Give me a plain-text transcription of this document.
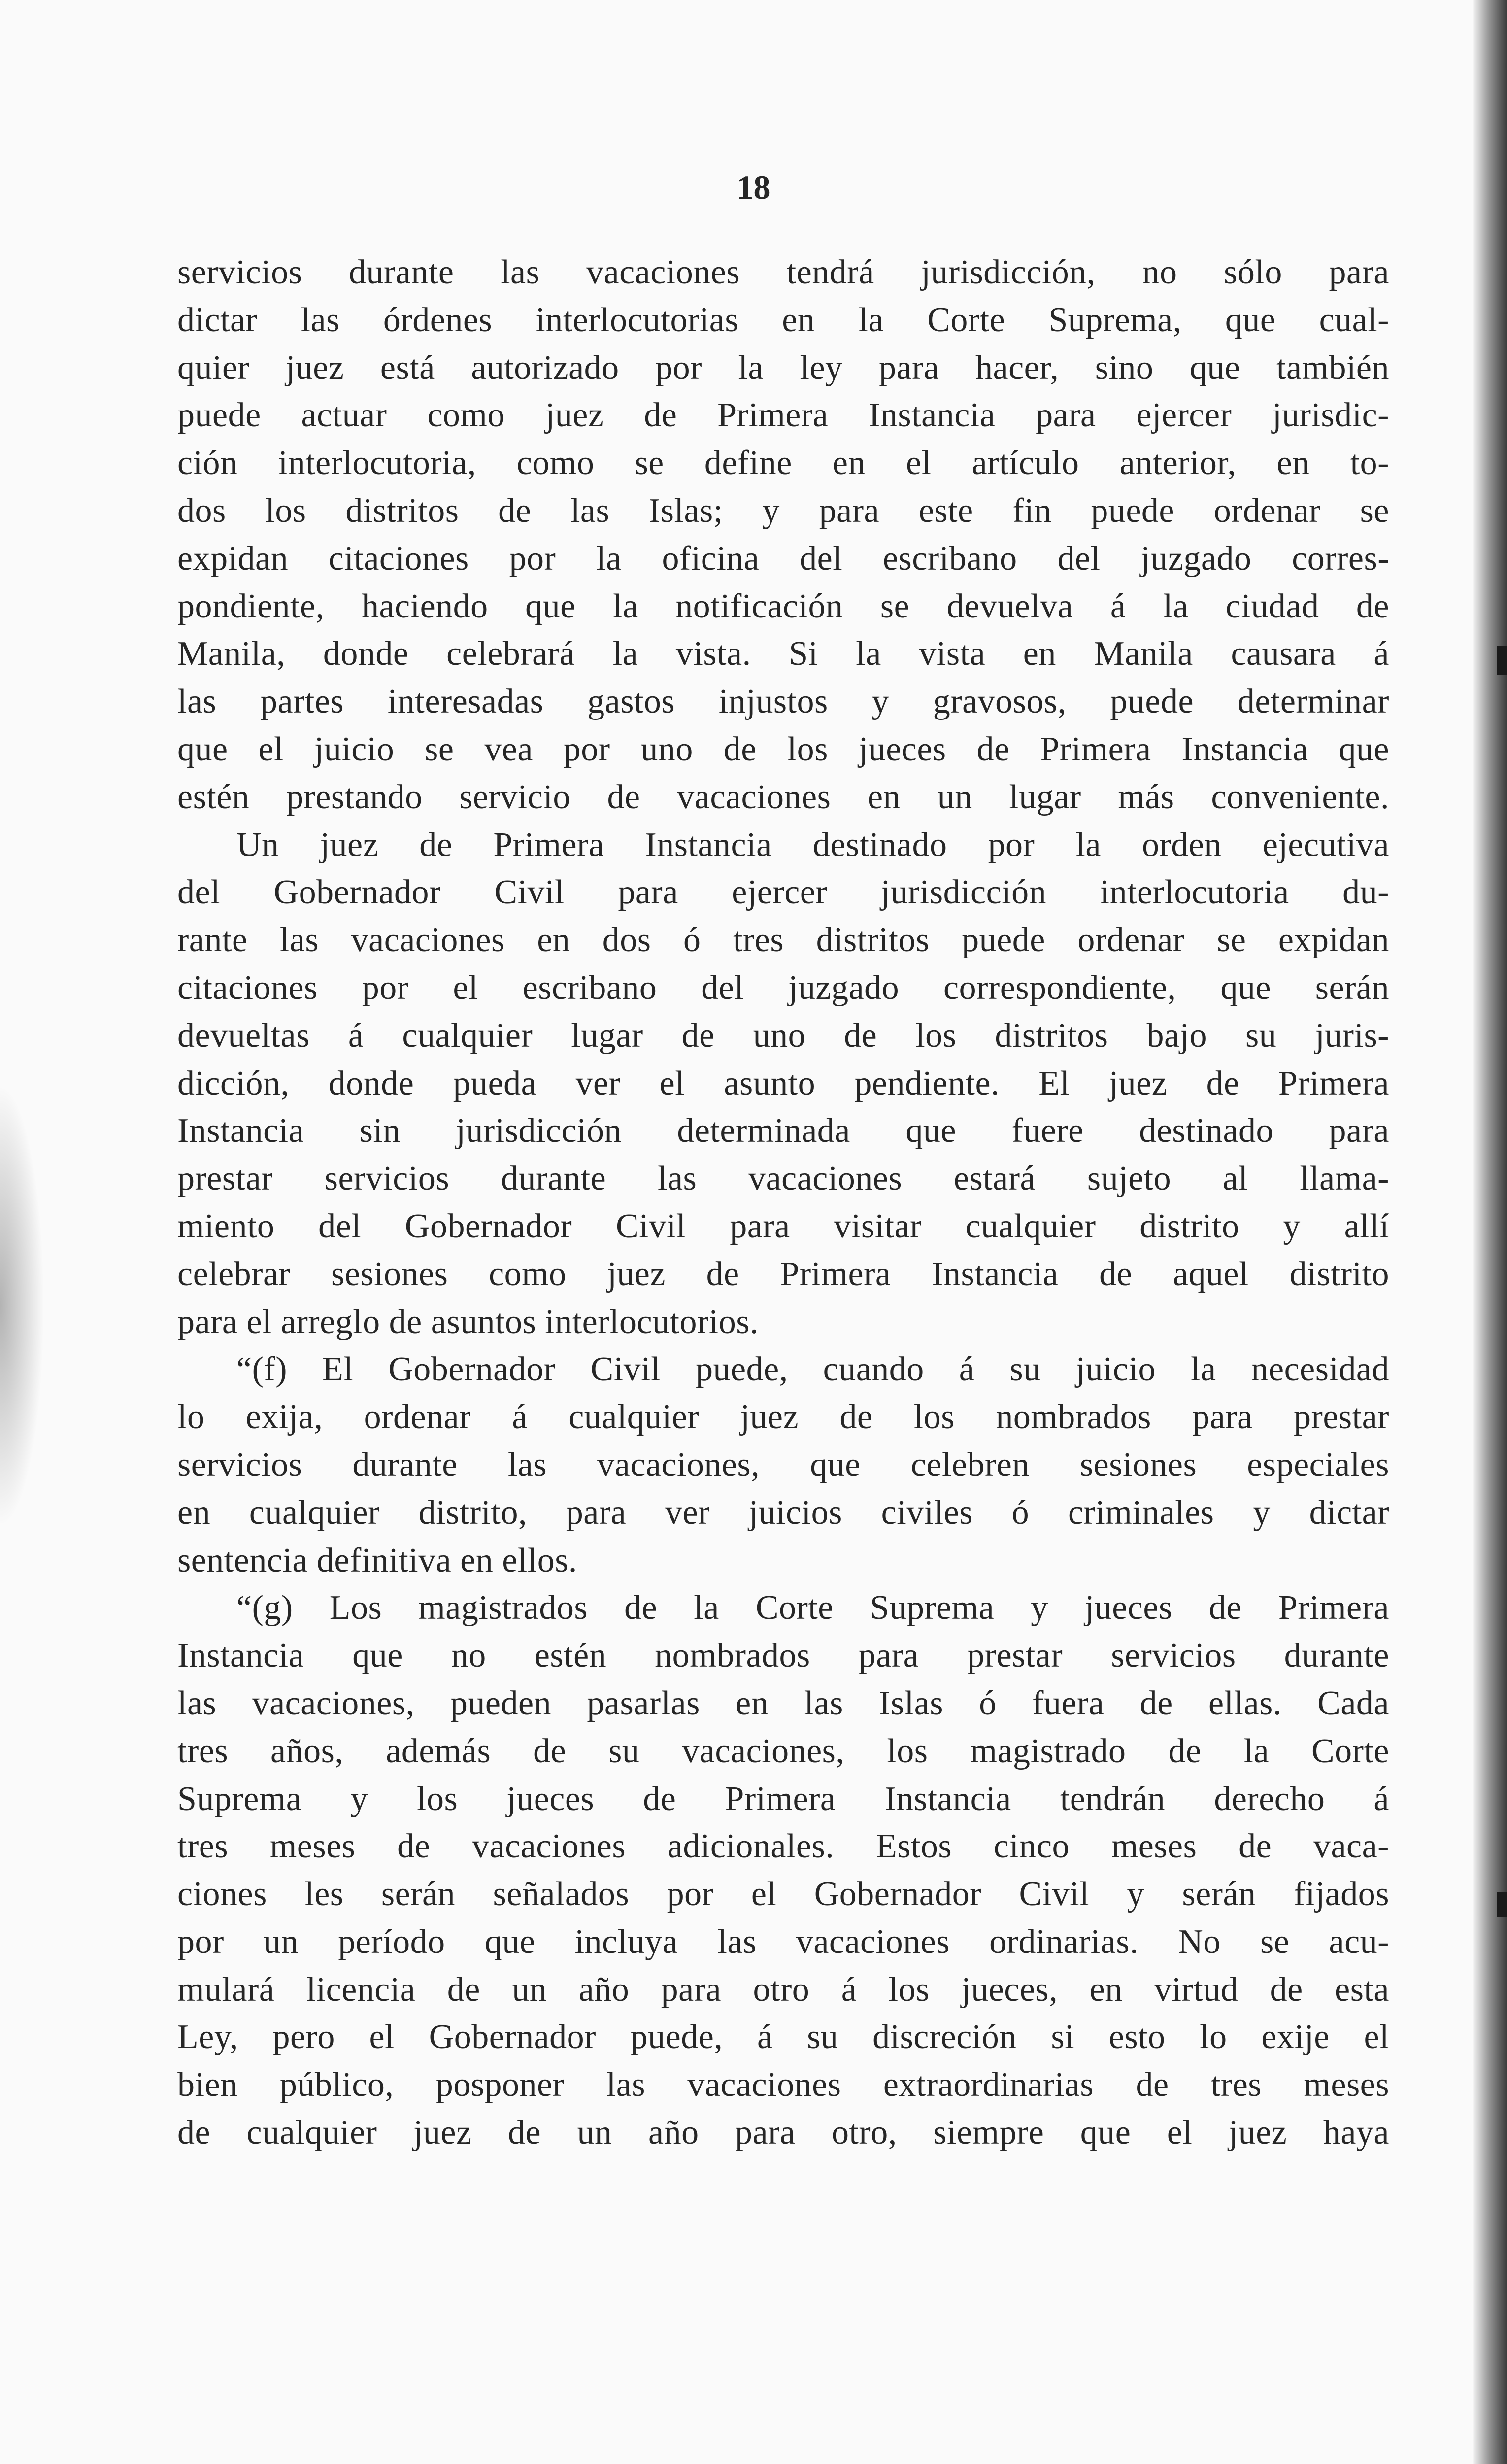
18
servicios durante las vacaciones tendrá jurisdicción, no sólo para
dictar las órdenes interlocutorias en la Corte Suprema, que cual-
quier juez está autorizado por la ley para hacer, sino que también
puede actuar como juez de Primera Instancia para ejercer jurisdic-
ción interlocutoria, como se define en el artículo anterior, en to-
dos los distritos de las Islas; y para este fin puede ordenar se
expidan citaciones por la oficina del escribano del juzgado corres-
pondiente, haciendo que la notificación se devuelva á la ciudad de
Manila, donde celebrará la vista. Si la vista en Manila causara á
las partes interesadas gastos injustos y gravosos, puede determinar
que el juicio se vea por uno de los jueces de Primera Instancia que
estén prestando servicio de vacaciones en un lugar más conveniente.
Un juez de Primera Instancia destinado por la orden ejecutiva
del Gobernador Civil para ejercer jurisdicción interlocutoria du-
rante las vacaciones en dos ó tres distritos puede ordenar se expidan
citaciones por el escribano del juzgado correspondiente, que serán
devueltas á cualquier lugar de uno de los distritos bajo su juris-
dicción, donde pueda ver el asunto pendiente. El juez de Primera
Instancia sin jurisdicción determinada que fuere destinado para
prestar servicios durante las vacaciones estará sujeto al llama-
miento del Gobernador Civil para visitar cualquier distrito y allí
celebrar sesiones como juez de Primera Instancia de aquel distrito
para el arreglo de asuntos interlocutorios.
“(f) El Gobernador Civil puede, cuando á su juicio la necesidad
lo exija, ordenar á cualquier juez de los nombrados para prestar
servicios durante las vacaciones, que celebren sesiones especiales
en cualquier distrito, para ver juicios civiles ó criminales y dictar
sentencia definitiva en ellos.
“(g) Los magistrados de la Corte Suprema y jueces de Primera
Instancia que no estén nombrados para prestar servicios durante
las vacaciones, pueden pasarlas en las Islas ó fuera de ellas. Cada
tres años, además de su vacaciones, los magistrado de la Corte
Suprema y los jueces de Primera Instancia tendrán derecho á
tres meses de vacaciones adicionales. Estos cinco meses de vaca-
ciones les serán señalados por el Gobernador Civil y serán fijados
por un período que incluya las vacaciones ordinarias. No se acu-
mulará licencia de un año para otro á los jueces, en virtud de esta
Ley, pero el Gobernador puede, á su discreción si esto lo exije el
bien público, posponer las vacaciones extraordinarias de tres meses
de cualquier juez de un año para otro, siempre que el juez haya
